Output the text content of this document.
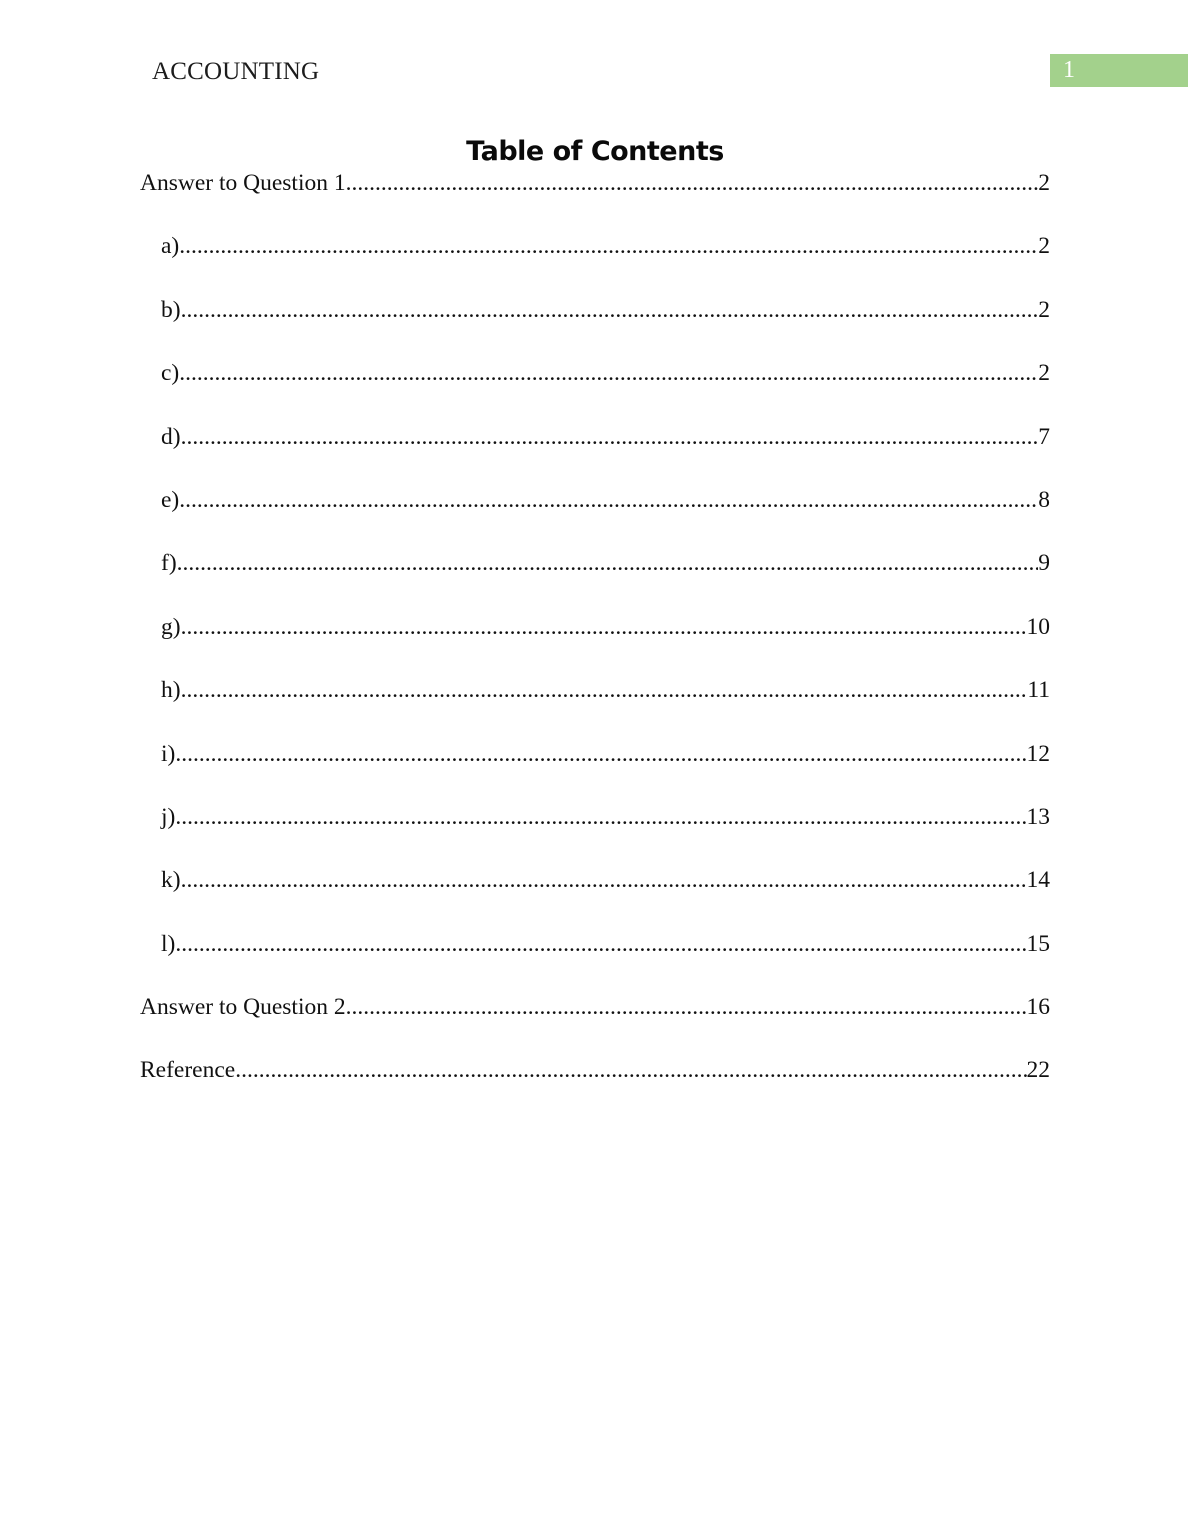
ACCOUNTING	1
Table of Contents
Answer to Question 1 .....	2
a) .....	2
b) .....	2
c) .....	2
d) .....	7
e) .....	8
f) .....	9
g) .....	10
h) .....	11
i) .....	12
j) .....	13
k) .....	14
l) .....	15
Answer to Question 2 .....	16
Reference .....	22
